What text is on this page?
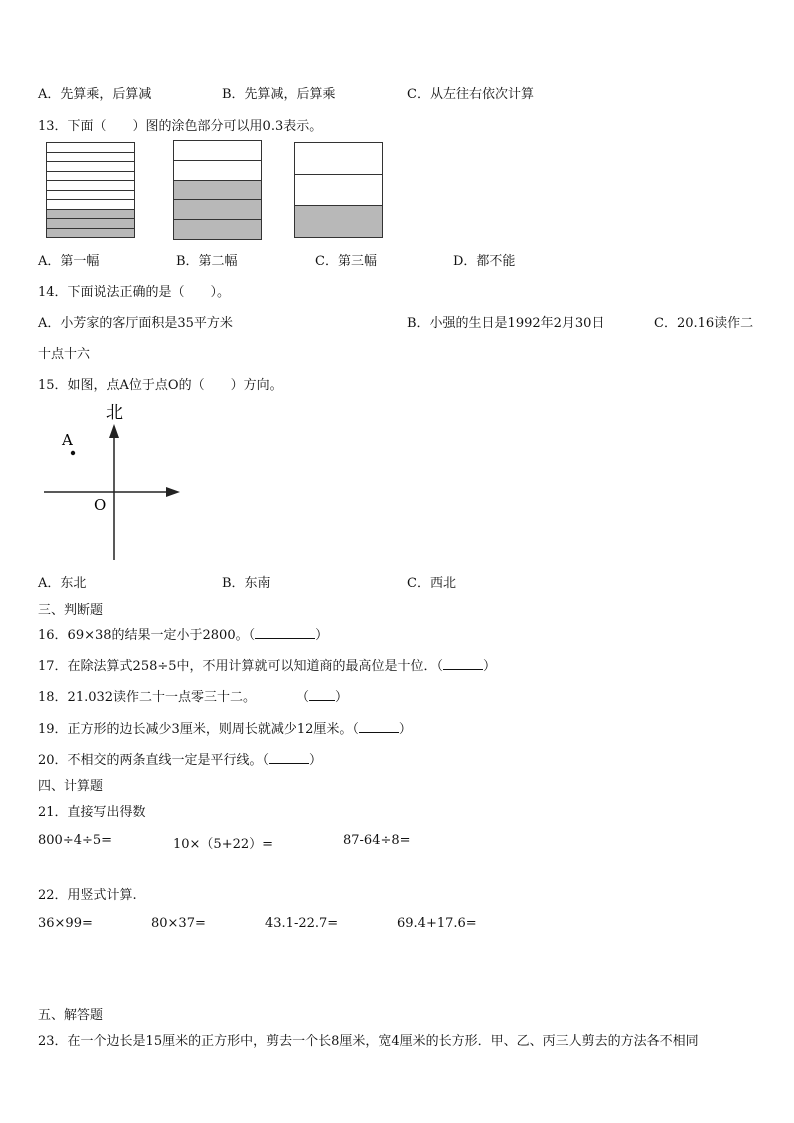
A．先算乘，后算减	B．先算减，后算乘	C．从左往右依次计算
13．下面（　　）图的涂色部分可以用0.3表示。
A．第一幅	B．第二幅	C．第三幅	D．都不能
14．下面说法正确的是（　　）。
A．小芳家的客厅面积是35平方米	B．小强的生日是1992年2月30日	C．20.16读作二
十点十六
15．如图，点A位于点O的（　　）方向。
北
A
O
A．东北	B．东南	C．西北
三、判断题
16．69×38的结果一定小于2800。（	）
17．在除法算式258÷5中，不用计算就可以知道商的最高位是十位．（	）
18．21.032读作二十一点零三十二。	（ ）
19．正方形的边长减少3厘米，则周长就减少12厘米。（	）
20．不相交的两条直线一定是平行线。（	）
四、计算题
21．直接写出得数
800÷4÷5=	10×（5+22）=	87-64÷8=
22．用竖式计算.
36×99=	80×37=	43.1-22.7=	69.4+17.6=
五、解答题
23．在一个边长是15厘米的正方形中，剪去一个长8厘米，宽4厘米的长方形．甲、乙、丙三人剪去的方法各不相同
